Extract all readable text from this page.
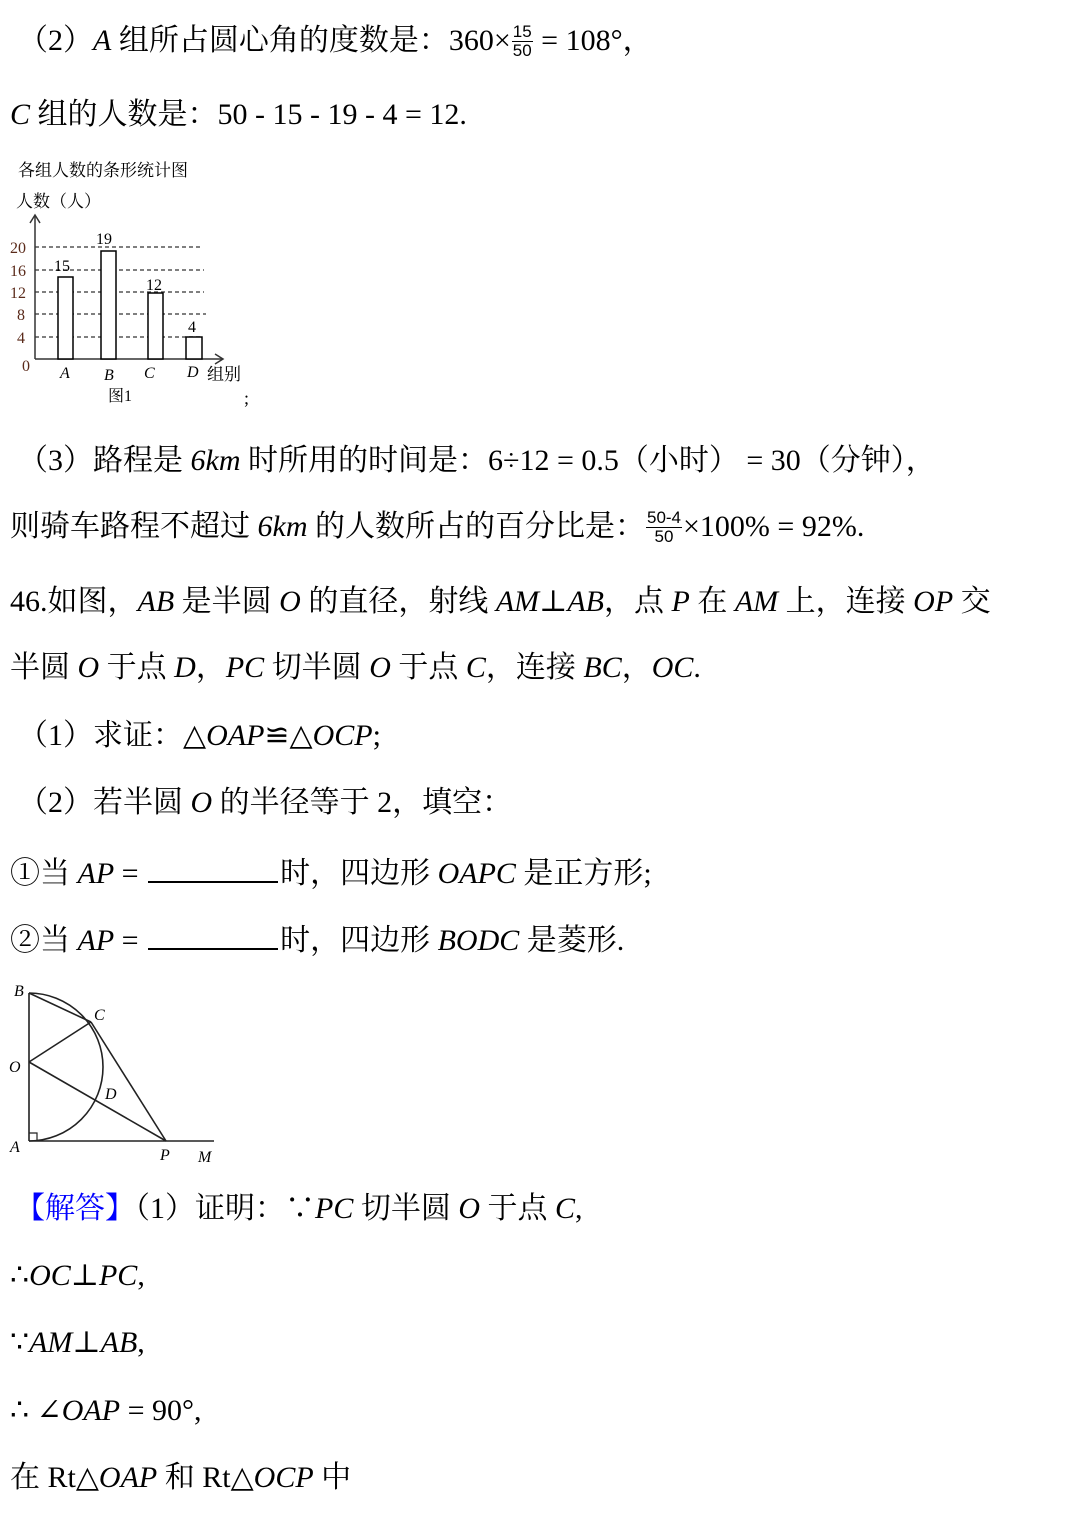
（2）A 组所占圆心角的度数是：$360\times \frac{15}{50} = 108^\circ$，
C 组的人数是：50 ‐ 15 ‐ 19 ‐ 4 = 12.
各组人数的条形统计图
人数（人）
20
16
12
8
4
0
15
19
12
4
A B C D 组别
图1	;
（3）路程是 6km 时所用的时间是：6÷12 = 0.5（小时） = 30（分钟），
则骑车路程不超过 6km 的人数所占的百分比是： $\frac{50-4}{50} \times 100\% = 92\%$.
46.如图，AB 是半圆 O 的直径，射线 AM⊥AB，点 P 在 AM 上，连接 OP 交
半圆 O 于点 D，PC 切半圆 O 于点 C，连接 BC，OC.
（1）求证：△OAP≌△OCP;
（2）若半圆 O 的半径等于 2，填空：
①当 AP =	时，四边形 OAPC 是正方形;
②当 AP =	时，四边形 BODC 是菱形.
B
C
O
D
A	P M
【解答】（1）证明：∵PC 切半圆 O 于点 C,
∴OC⊥PC,
∵AM⊥AB,
∴ ∠OAP = 90°,
在 Rt△OAP 和 Rt△OCP 中
